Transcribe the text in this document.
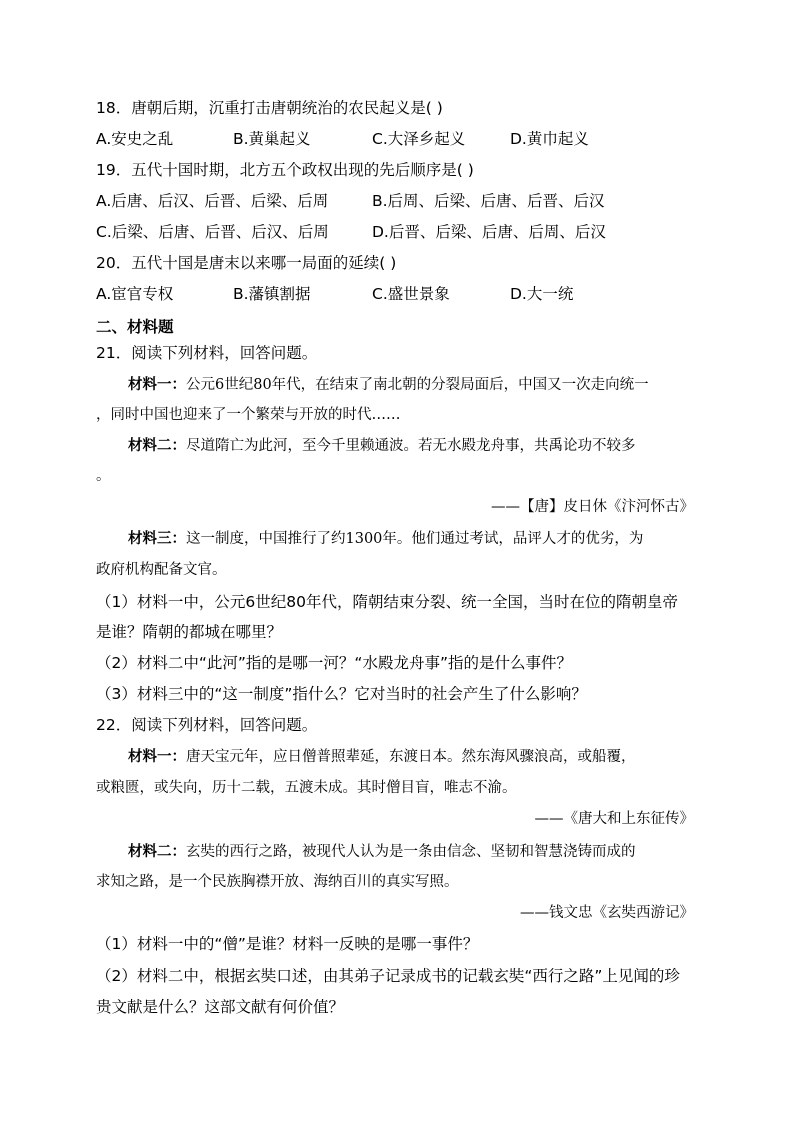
18．唐朝后期，沉重打击唐朝统治的农民起义是( )
A.安史之乱	B.黄巢起义	C.大泽乡起义	D.黄巾起义
19．五代十国时期，北方五个政权出现的先后顺序是( )
A.后唐、后汉、后晋、后梁、后周	B.后周、后梁、后唐、后晋、后汉
C.后梁、后唐、后晋、后汉、后周	D.后晋、后梁、后唐、后周、后汉
20．五代十国是唐末以来哪一局面的延续( )
A.宦官专权	B.藩镇割据	C.盛世景象	D.大一统
二、材料题
21．阅读下列材料，回答问题。
材料一：公元6世纪80年代，在结束了南北朝的分裂局面后，中国又一次走向统一
，同时中国也迎来了一个繁荣与开放的时代……
材料二：尽道隋亡为此河，至今千里赖通波。若无水殿龙舟事，共禹论功不较多
。
——【唐】皮日休《汴河怀古》
材料三：这一制度，中国推行了约1300年。他们通过考试，品评人才的优劣，为
政府机构配备文官。
（1）材料一中，公元6世纪80年代，隋朝结束分裂、统一全国，当时在位的隋朝皇帝
是谁？隋朝的都城在哪里？
（2）材料二中“此河”指的是哪一河？“水殿龙舟事”指的是什么事件？
（3）材料三中的“这一制度”指什么？它对当时的社会产生了什么影响？
22．阅读下列材料，回答问题。
材料一：唐天宝元年，应日僧普照辈延，东渡日本。然东海风骤浪高，或船覆，
或粮匮，或失向，历十二载，五渡未成。其时僧目盲，唯志不渝。
——《唐大和上东征传》
材料二：玄奘的西行之路，被现代人认为是一条由信念、坚韧和智慧浇铸而成的
求知之路，是一个民族胸襟开放、海纳百川的真实写照。
——钱文忠《玄奘西游记》
（1）材料一中的“僧”是谁？材料一反映的是哪一事件？
（2）材料二中，根据玄奘口述，由其弟子记录成书的记载玄奘“西行之路”上见闻的珍
贵文献是什么？这部文献有何价值？
